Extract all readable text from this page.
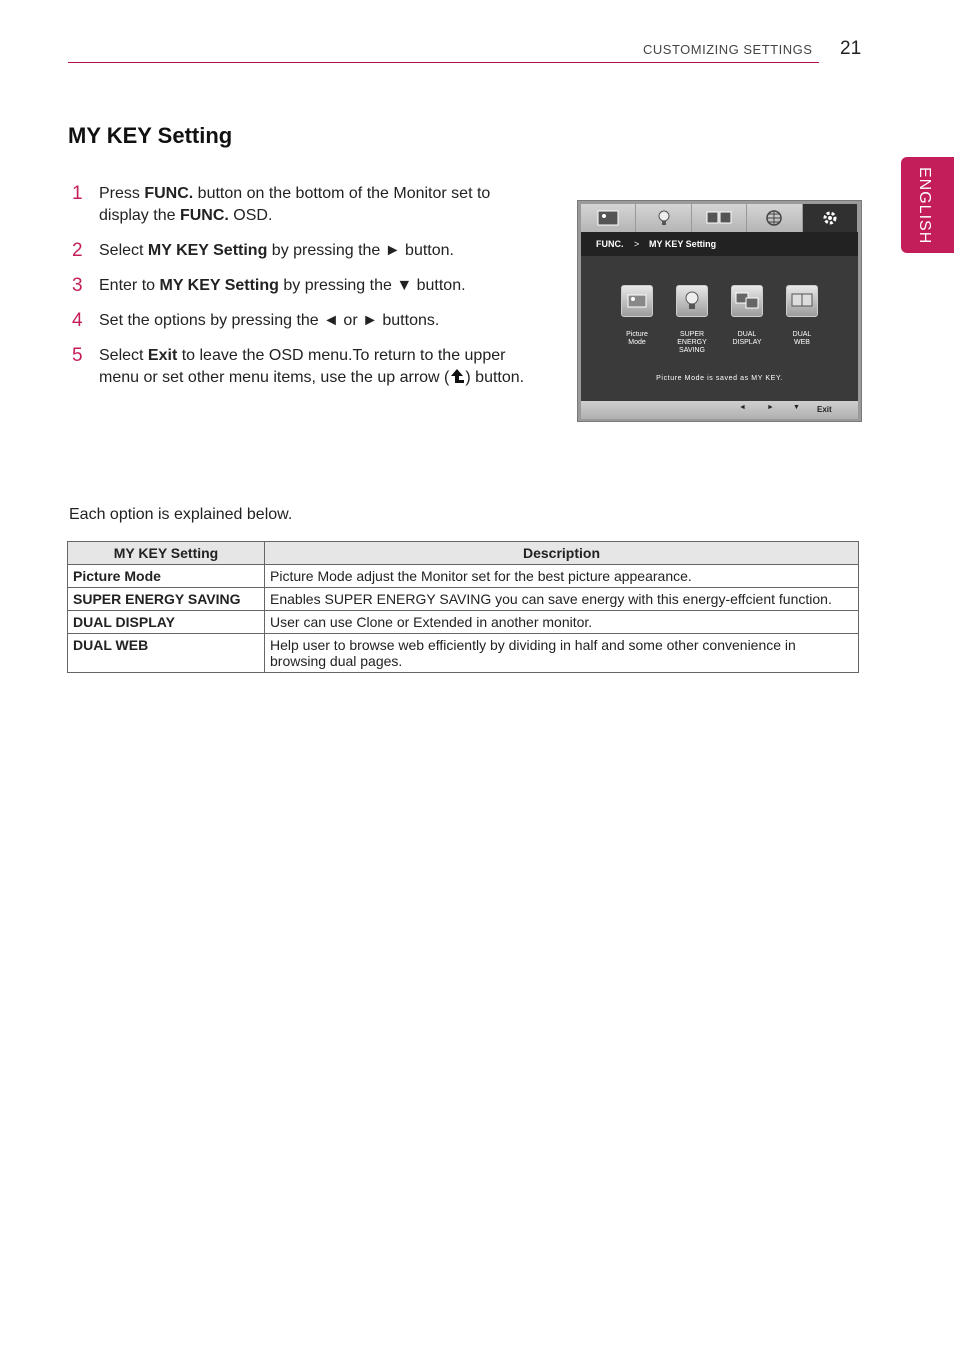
CUSTOMIZING SETTINGS 21
ENGLISH
MY KEY Setting
1 Press FUNC. button on the bottom of the Monitor set to display the FUNC. OSD.
2 Select MY KEY Setting by pressing the ► button.
3 Enter to MY KEY Setting by pressing the ▼ button.
4 Set the options by pressing the ◄ or ► buttons.
5 Select Exit to leave the OSD menu.To return to the upper menu or set other menu items, use the up arrow ( ) button.
FUNC. > MY KEY Setting
Picture
Mode
SUPER
ENERGY
SAVING
DUAL
DISPLAY
DUAL
WEB
Picture Mode is saved as MY KEY.
◄	►	▼ Exit
Each option is explained below.
MY KEY Setting	Description
Picture Mode	Picture Mode adjust the Monitor set for the best picture appearance.
SUPER ENERGY SAVING	Enables SUPER ENERGY SAVING you can save energy with this energy-effcient function.
DUAL DISPLAY	User can use Clone or Extended in another monitor.
DUAL WEB	Help user to browse web efficiently by dividing in half and some other convenience in browsing dual pages.
